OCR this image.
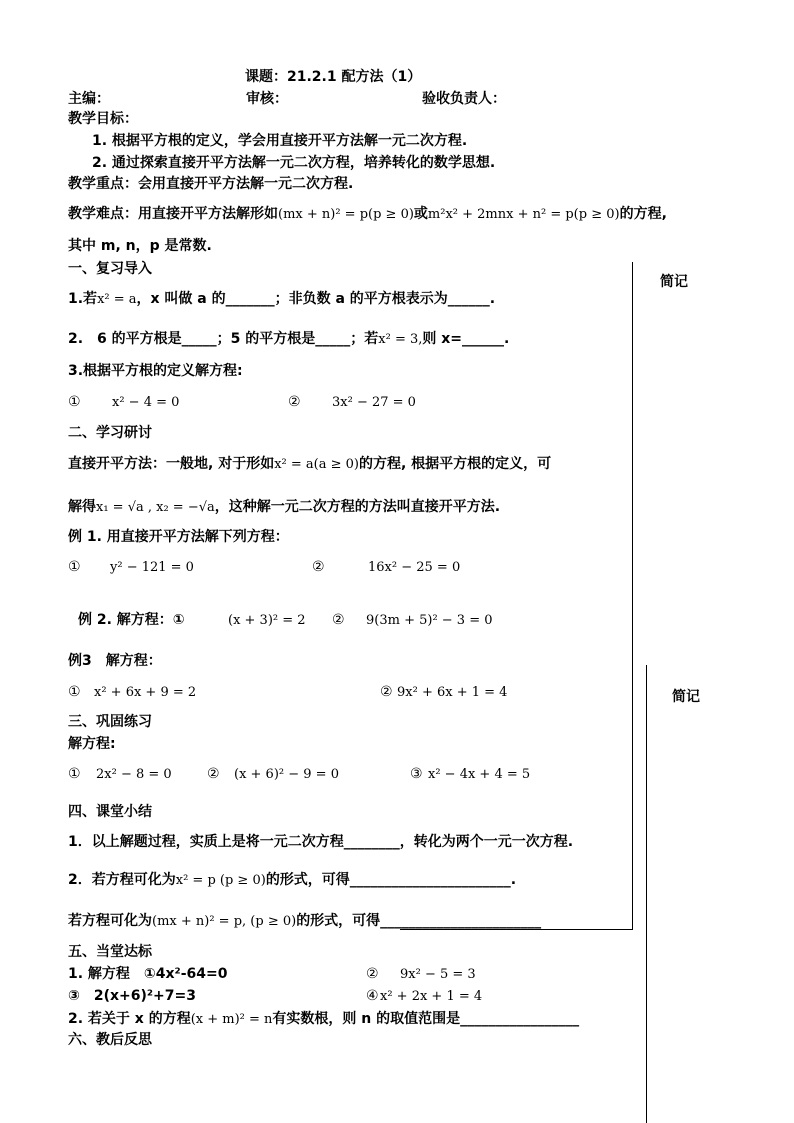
课题：21.2.1 配方法（1）
主编：	审核：	验收负责人：
教学目标：
1. 根据平方根的定义，学会用直接开平方法解一元二次方程.
2. 通过探索直接开平方法解一元二次方程，培养转化的数学思想.
教学重点：会用直接开平方法解一元二次方程.
教学难点：用直接开平方法解形如(mx + n)² = p(p ≥ 0)或m²x² + 2mnx + n² = p(p ≥ 0)的方程,
其中 m, n，p 是常数.
简记
简记
一、复习导入
1.若x² = a，x 叫做 a 的_______；非负数 a 的平方根表示为______.
2.　6 的平方根是_____；5 的平方根是_____；若x² = 3,则 x=______.
3.根据平方根的定义解方程:
① x² − 4 = 0	② 3x² − 27 = 0
二、学习研讨
直接开平方法：一般地, 对于形如x² = a(a ≥ 0)的方程, 根据平方根的定义，可
解得x₁ = √a , x₂ = −√a，这种解一元二次方程的方法叫直接开平方法.
例 1. 用直接开平方法解下列方程：
① y² − 121 = 0	②	16x² − 25 = 0
例 2. 解方程：①	(x + 3)² = 2 ② 9(3m + 5)² − 3 = 0
例3　解方程：
① x² + 6x + 9 = 2	② 9x² + 6x + 1 = 4
三、巩固练习
解方程:
① 2x² − 8 = 0	② (x + 6)² − 9 = 0	③ x² − 4x + 4 = 5
四、课堂小结
1．以上解题过程，实质上是将一元二次方程________，转化为两个一元一次方程.
2．若方程可化为x² = p (p ≥ 0)的形式，可得_______________________.
若方程可化为(mx + n)² = p, (p ≥ 0)的形式，可得_______________________
五、当堂达标
1. 解方程　①4x²-64=0	② 9x² − 5 = 3
③　2(x+6)²+7=3	④ x² + 2x + 1 = 4
2. 若关于 x 的方程(x + m)² = n有实数根，则 n 的取值范围是_________________
六、教后反思
